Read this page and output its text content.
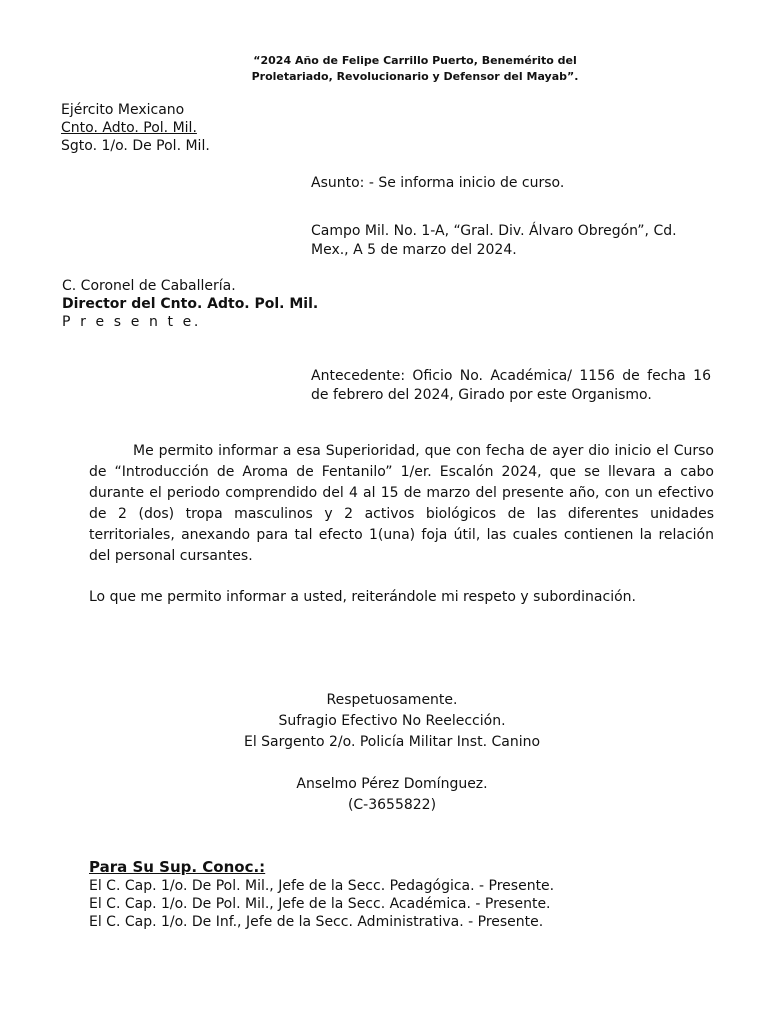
“2024 Año de Felipe Carrillo Puerto, Benemérito del Proletariado, Revolucionario y Defensor del Mayab”.
Ejército Mexicano
Cnto. Adto. Pol. Mil.
Sgto. 1/o. De Pol. Mil.
Asunto: - Se informa inicio de curso.
Campo Mil. No. 1-A, “Gral. Div. Álvaro Obregón”, Cd. Mex., A 5 de marzo del 2024.
C. Coronel de Caballería.
Director del Cnto. Adto. Pol. Mil.
P r e s e n t e.
Antecedente: Oficio No. Académica/ 1156 de fecha 16 de febrero del 2024, Girado por este Organismo.
Me permito informar a esa Superioridad, que con fecha de ayer dio inicio el Curso de “Introducción de Aroma de Fentanilo” 1/er. Escalón 2024, que se llevara a cabo durante el periodo comprendido del 4 al 15 de marzo del presente año, con un efectivo de 2 (dos) tropa masculinos y 2 activos biológicos de las diferentes unidades territoriales, anexando para tal efecto 1(una) foja útil, las cuales contienen la relación del personal cursantes.
Lo que me permito informar a usted, reiterándole mi respeto y subordinación.
Respetuosamente.
Sufragio Efectivo No Reelección.
El Sargento 2/o. Policía Militar Inst. Canino
Anselmo Pérez Domínguez.
(C-3655822)
Para Su Sup. Conoc.:
El C. Cap. 1/o. De Pol. Mil., Jefe de la Secc. Pedagógica. - Presente.
El C. Cap. 1/o. De Pol. Mil., Jefe de la Secc. Académica. - Presente.
El C. Cap. 1/o. De Inf., Jefe de la Secc. Administrativa. - Presente.
